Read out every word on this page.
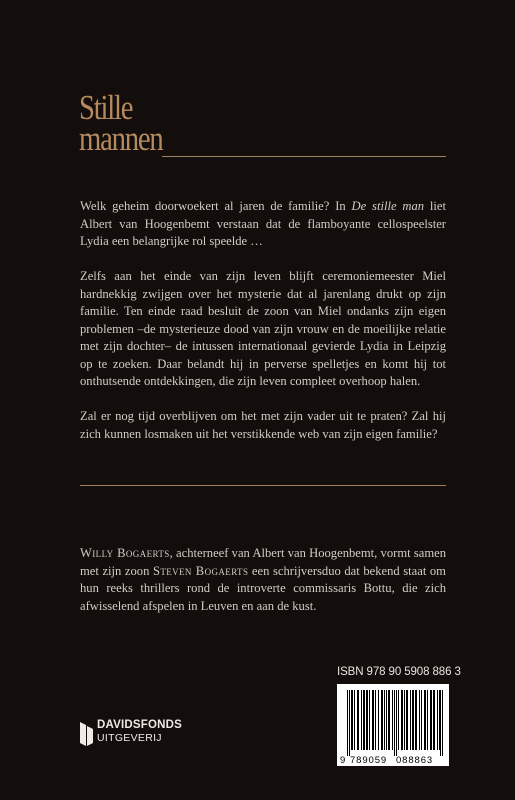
Stille
mannen

Welk geheim doorwoekert al jaren de familie? In De stille man liet Albert van Hoogenbemt verstaan dat de flamboyante cellospeelster Lydia een belangrijke rol speelde …

Zelfs aan het einde van zijn leven blijft ceremoniemeester Miel hardnekkig zwijgen over het mysterie dat al jarenlang drukt op zijn familie. Ten einde raad besluit de zoon van Miel ondanks zijn eigen problemen –de mysterieuze dood van zijn vrouw en de moeilijke relatie met zijn dochter– de intussen internationaal gevierde Lydia in Leipzig op te zoeken. Daar belandt hij in perverse spelletjes en komt hij tot onthutsende ontdekkingen, die zijn leven compleet overhoop halen.

Zal er nog tijd overblijven om het met zijn vader uit te praten? Zal hij zich kunnen losmaken uit het verstikkende web van zijn eigen familie?

Willy Bogaerts, achterneef van Albert van Hoogenbemt, vormt samen met zijn zoon Steven Bogaerts een schrijversduo dat bekend staat om hun reeks thrillers rond de introverte commissaris Bottu, die zich afwisselend afspelen in Leuven en aan de kust.
ISBN 978 90 5908 886 3
9 789059 088863
DAVIDSFONDS
UITGEVERIJ
